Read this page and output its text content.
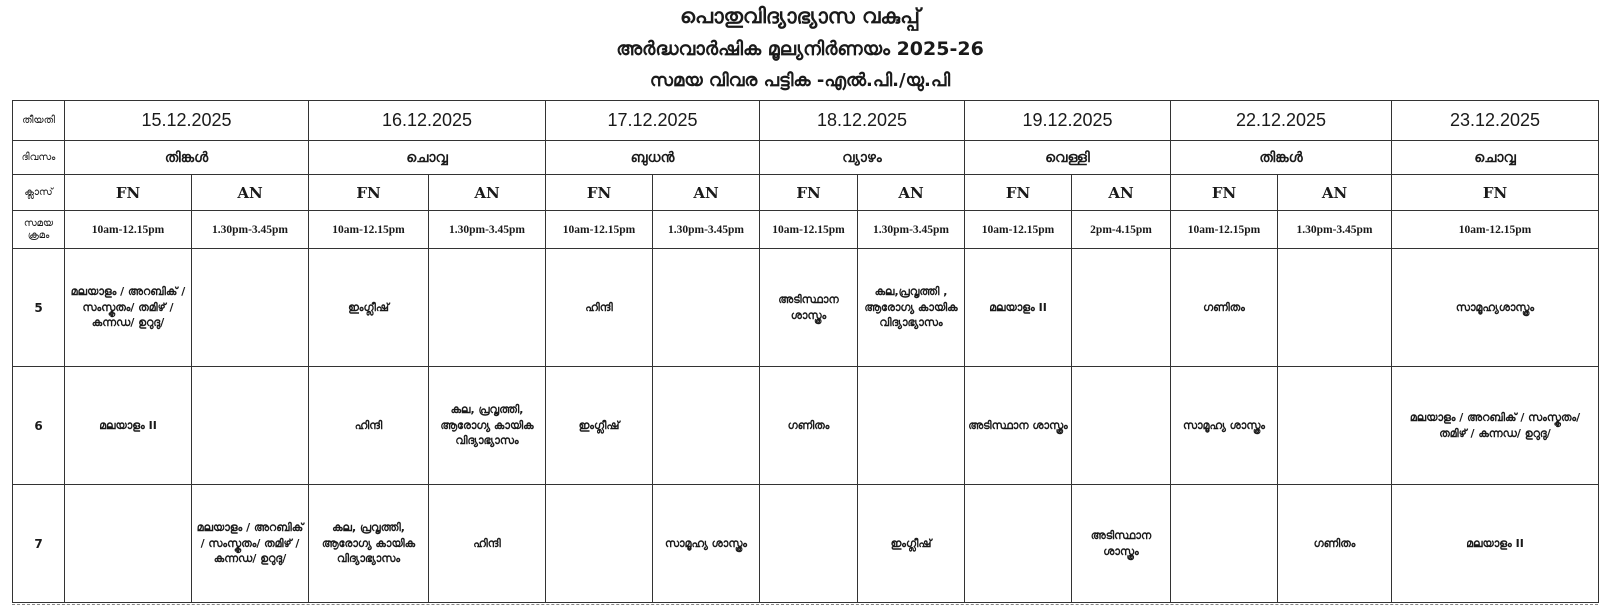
പൊതുവിദ്യാഭ്യാസ വകുപ്പ്
അർദ്ധവാർഷിക മൂല്യനിർണയം 2025-26
സമയ വിവര പട്ടിക -എൽ.പി./യു.പി
തീയതി	15.12.2025		16.12.2025		17.12.2025		18.12.2025		19.12.2025		22.12.2025		23.12.2025
ദിവസം	തിങ്കൾ		ചൊവ്വ		ബുധൻ		വ്യാഴം		വെള്ളി		തിങ്കൾ		ചൊവ്വ
ക്ലാസ്	FN	AN	FN	AN	FN	AN	FN	AN	FN	AN	FN	AN	FN
സമയ ക്രമം	10am-12.15pm	1.30pm-3.45pm	10am-12.15pm	1.30pm-3.45pm	10am-12.15pm	1.30pm-3.45pm	10am-12.15pm	1.30pm-3.45pm	10am-12.15pm	2pm-4.15pm	10am-12.15pm	1.30pm-3.45pm	10am-12.15pm
5	മലയാളം / അറബിക് / സംസ്കൃതം/ തമിഴ് / കന്നഡ/ ഉറുദു/		ഇംഗ്ലീഷ്		ഹിന്ദി		അടിസ്ഥാന ശാസ്ത്രം	കല,പ്രവൃത്തി , ആരോഗ്യ കായിക വിദ്യാഭ്യാസം	മലയാളം II		ഗണിതം		സാമൂഹ്യശാസ്ത്രം
6	മലയാളം II		ഹിന്ദി	കല, പ്രവൃത്തി, ആരോഗ്യ കായിക വിദ്യാഭ്യാസം	ഇംഗ്ലീഷ്		ഗണിതം		അടിസ്ഥാന ശാസ്ത്രം		സാമൂഹ്യ ശാസ്ത്രം		മലയാളം / അറബിക് / സംസ്കൃതം/ തമിഴ് / കന്നഡ/ ഉറുദു/
7		മലയാളം / അറബിക് / സംസ്കൃതം/ തമിഴ് / കന്നഡ/ ഉറുദു/	കല, പ്രവൃത്തി, ആരോഗ്യ കായിക വിദ്യാഭ്യാസം	ഹിന്ദി		സാമൂഹ്യ ശാസ്ത്രം		ഇംഗ്ലീഷ്		അടിസ്ഥാന ശാസ്ത്രം		ഗണിതം	മലയാളം II
